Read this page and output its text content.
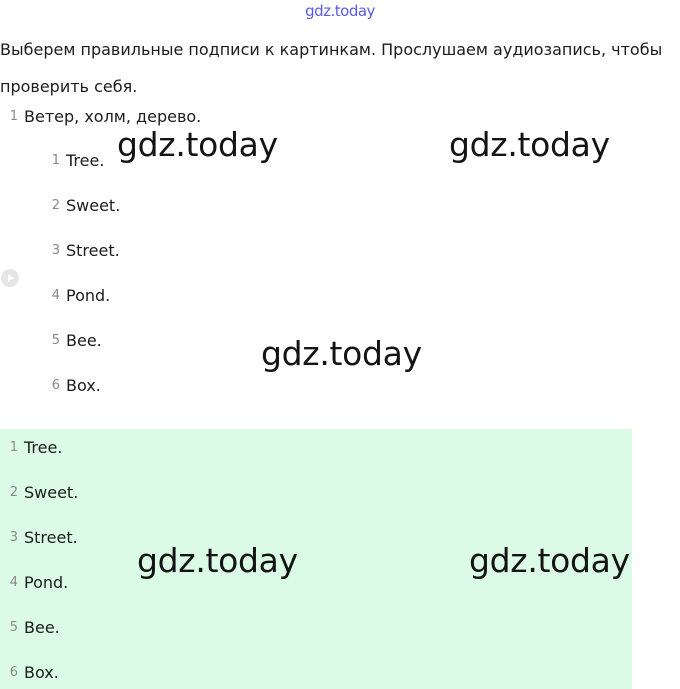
gdz.today
Выберем правильные подписи к картинкам. Прослушаем аудиозапись, чтобы проверить себя.
1 Ветер, холм, дерево.
1 Tree.
2 Sweet.
3 Street.
4 Pond.
5 Bee.
6 Box.
1 Tree.
2 Sweet.
3 Street.
4 Pond.
5 Bee.
6 Box.
gdz.today	gdz.today
gdz.today
gdz.today	gdz.today
